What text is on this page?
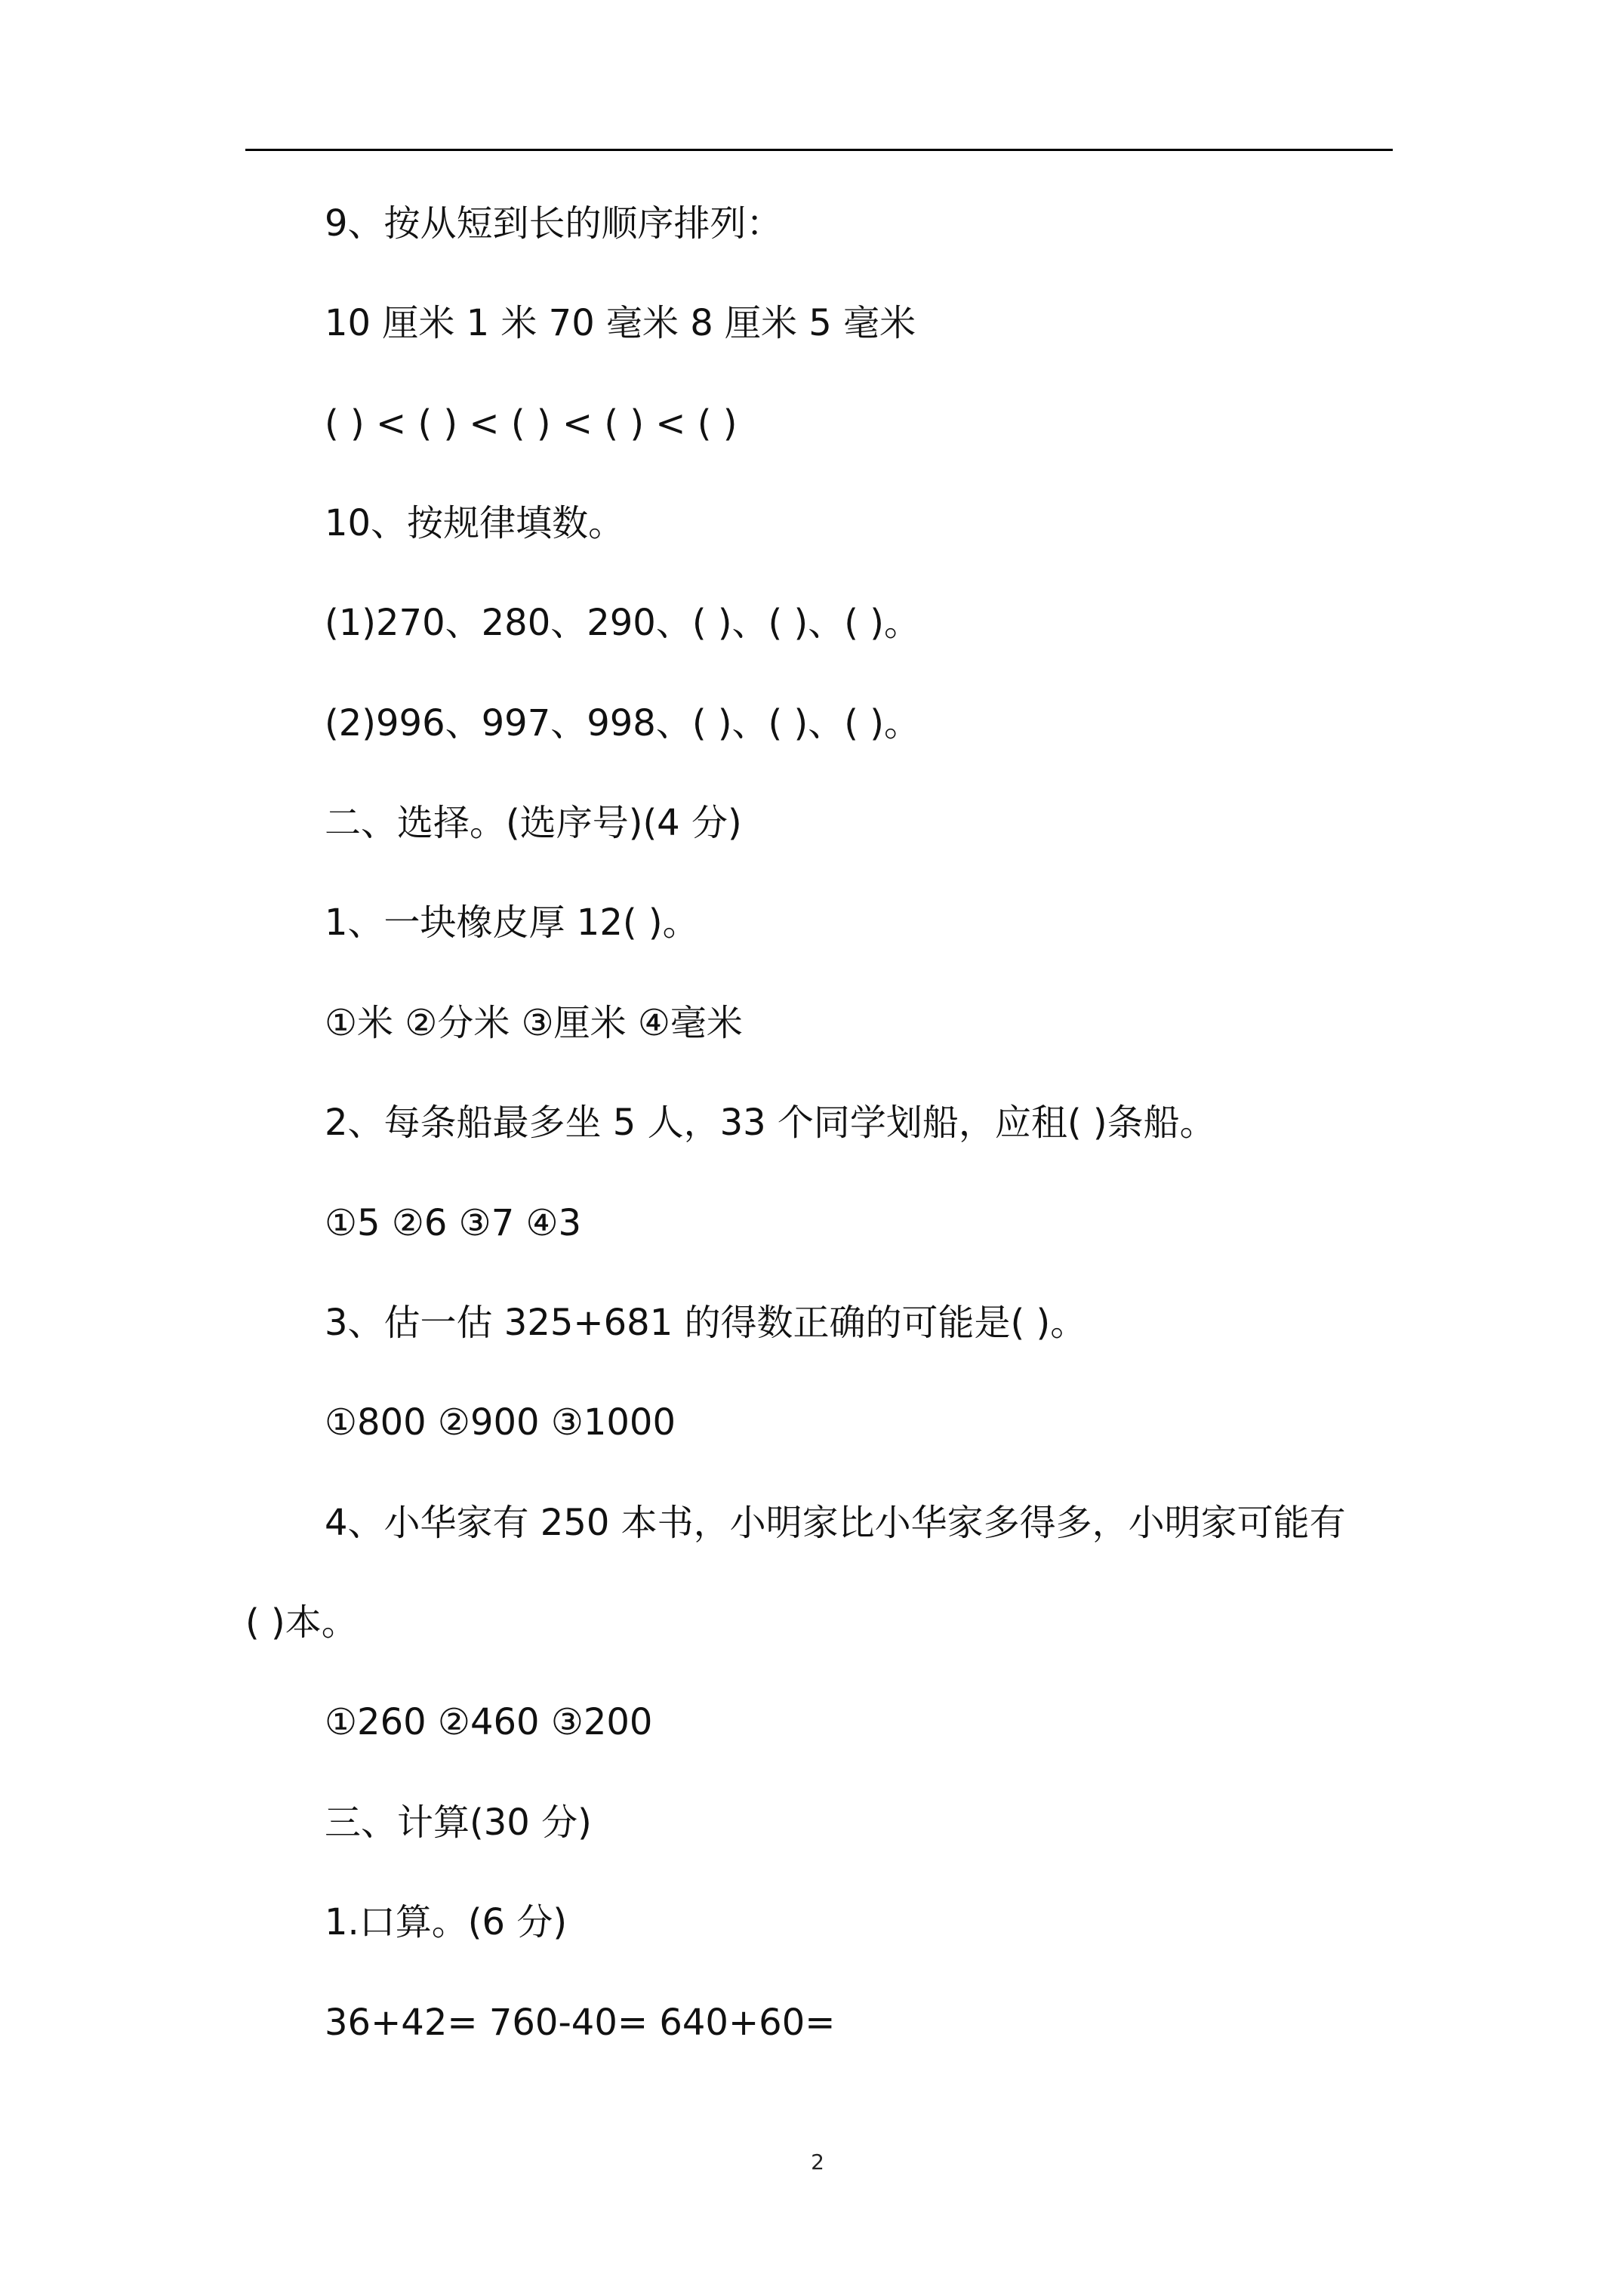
9、按从短到长的顺序排列：
10 厘米 1 米 70 毫米 8 厘米 5 毫米
( ) < ( ) < ( ) < ( ) < ( )
10、按规律填数。
(1)270、280、290、( )、( )、( )。
(2)996、997、998、( )、( )、( )。
二、选择。(选序号)(4 分)
1、一块橡皮厚 12( )。
①米 ②分米 ③厘米 ④毫米
2、每条船最多坐 5 人，33 个同学划船，应租( )条船。
①5 ②6 ③7 ④3
3、估一估 325+681 的得数正确的可能是( )。
①800 ②900 ③1000
4、小华家有 250 本书，小明家比小华家多得多，小明家可能有
( )本。
①260 ②460 ③200
三、计算(30 分)
1.口算。(6 分)
36+42= 760-40= 640+60=
2
